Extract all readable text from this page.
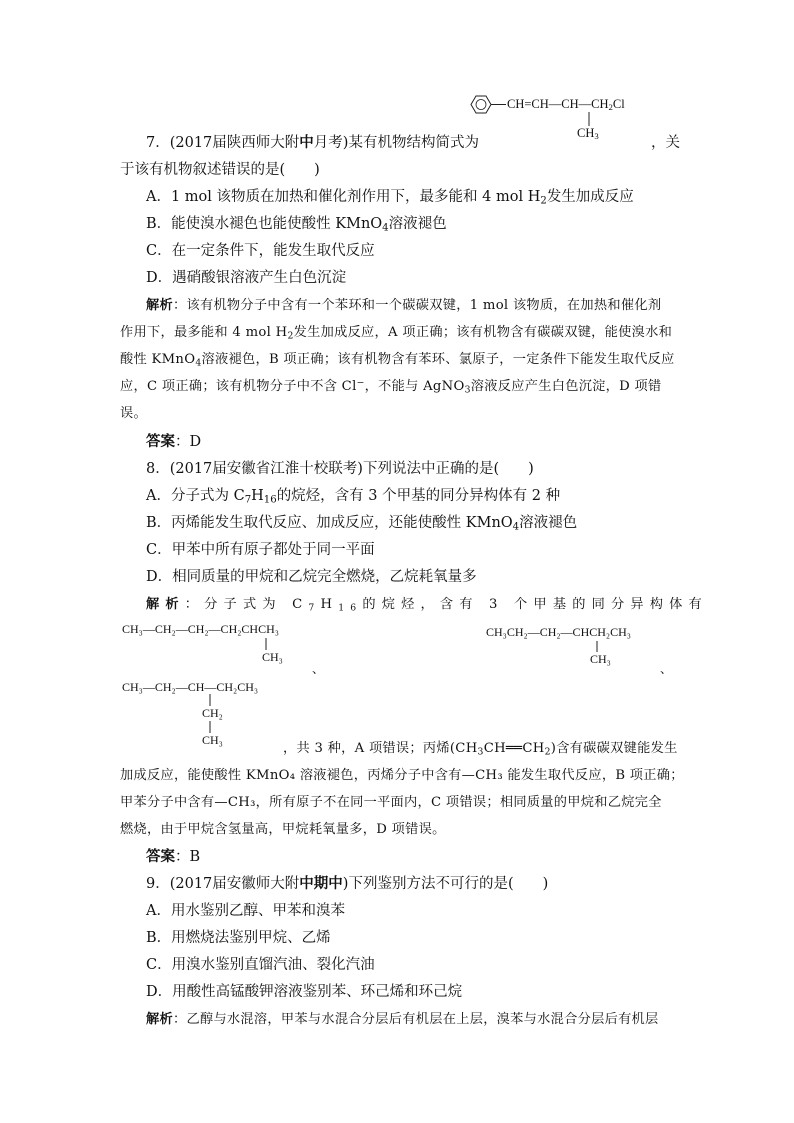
$CH=CH—CH—CH_2Cl$
$CH_3$
7．(2017届陕西师大附中月考)某有机物结构简式为	，关
于该有机物叙述错误的是(　　)
A．1 mol 该物质在加热和催化剂作用下，最多能和 4 mol $H_2$发生加成反应
B．能使溴水褪色也能使酸性 KMnO$_4$溶液褪色
C．在一定条件下，能发生取代反应
D．遇硝酸银溶液产生白色沉淀
解析：该有机物分子中含有一个苯环和一个碳碳双键，1 mol 该物质，在加热和催化剂
作用下，最多能和 4 mol $H_2$发生加成反应，A 项正确；该有机物含有碳碳双键，能使溴水和
酸性 KMnO$_4$溶液褪色，B 项正确；该有机物含有苯环、氯原子，一定条件下能发生取代反应
应，C 项正确；该有机物分子中不含 Cl−，不能与 AgNO$_3$溶液反应产生白色沉淀，D 项错
误。
答案：D
8．(2017届安徽省江淮十校联考)下列说法中正确的是(　　)
A．分子式为 $C_7H_{16}$的烷烃，含有 3 个甲基的同分异构体有 2 种
B．丙烯能发生取代反应、加成反应，还能使酸性 KMnO$_4$溶液褪色
C．甲苯中所有原子都处于同一平面
D．相同质量的甲烷和乙烷完全燃烧，乙烷耗氧量多
解析：分子式为 $C_7H_{16}$的烷烃，含有 3 个甲基的同分异构体有
CH₃—CH₂—CH₂—CH₂CHCH₃
CH₃
、
CH₃CH₂—CH₂—CHCH₂CH₃
CH₃
、
CH₃—CH₂—CH—CH₂CH₃
CH₂
CH₃
，共 3 种，A 项错误；丙烯$(CH_3CH══CH_2)$含有碳碳双键能发生
加成反应，能使酸性 KMnO₄ 溶液褪色，丙烯分子中含有—CH₃ 能发生取代反应，B 项正确；
甲苯分子中含有—CH₃，所有原子不在同一平面内，C 项错误；相同质量的甲烷和乙烷完全
燃烧，由于甲烷含氢量高，甲烷耗氧量多，D 项错误。
答案：B
9．(2017届安徽师大附中期中)下列鉴别方法不可行的是(　　)
A．用水鉴别乙醇、甲苯和溴苯
B．用燃烧法鉴别甲烷、乙烯
C．用溴水鉴别直馏汽油、裂化汽油
D．用酸性高锰酸钾溶液鉴别苯、环己烯和环己烷
解析：乙醇与水混溶，甲苯与水混合分层后有机层在上层，溴苯与水混合分层后有机层
